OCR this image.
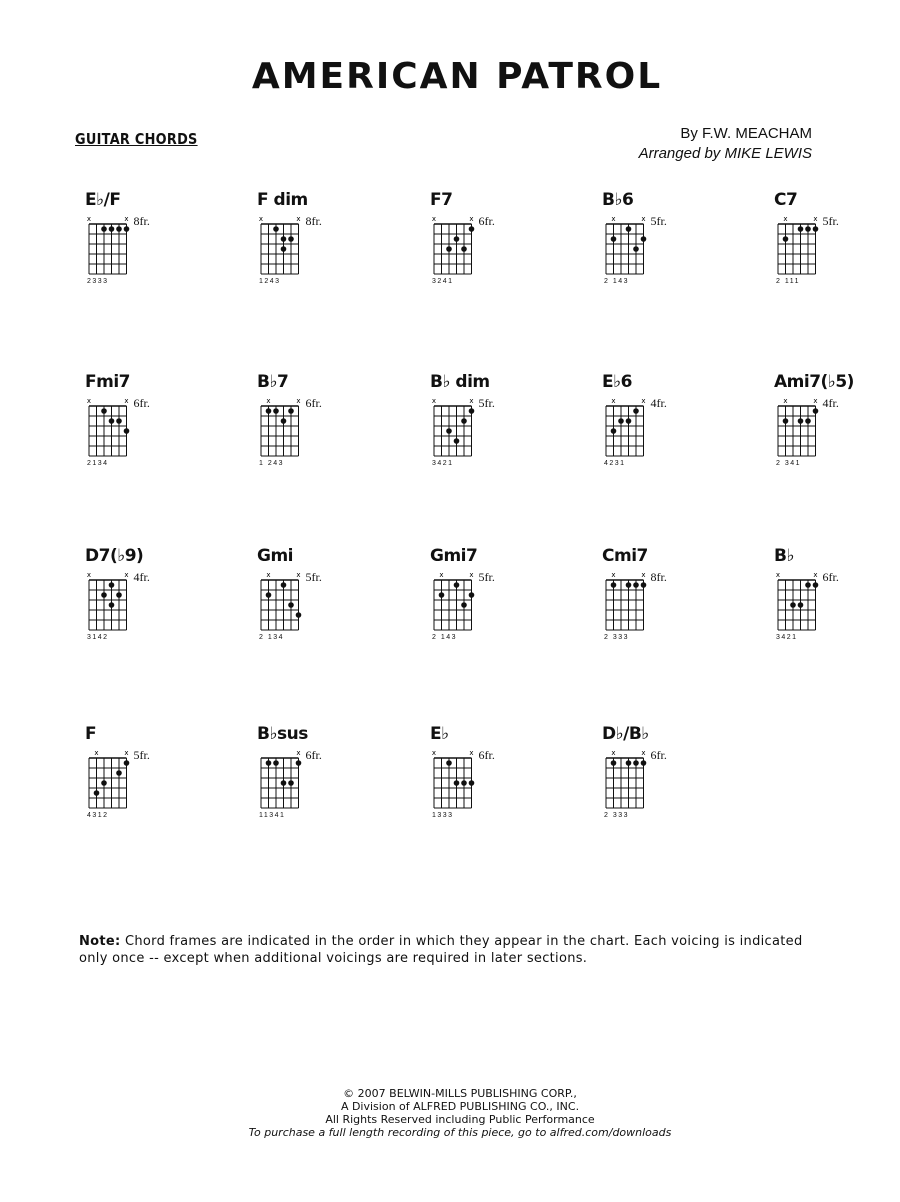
AMERICAN PATROL
GUITAR CHORDS	By F.W. MEACHAM
Arranged by MIKE LEWIS
E♭/F
x	x 8fr.
2333
F dim
x	x 8fr.
1243
F7
x	x 6fr.
3241
B♭6
x	x 5fr.
2 143
C7
x	x 5fr.
2 111
Fmi7
x	x 6fr.
2134
B♭7
x	x 6fr.
1 243
B♭ dim
x	x 5fr.
3421
E♭6
x	x 4fr.
4231
Ami7(♭5)
x	x 4fr.
2 341
D7(♭9)
x	x 4fr.
3142
Gmi
x	x 5fr.
2 134
Gmi7
x	x 5fr.
2 143
Cmi7
x	x 8fr.
2 333
B♭
x	x 6fr.
3421
F
x	x 5fr.
4312
B♭sus
x 6fr.
11341
E♭
x	x 6fr.
1333
D♭/B♭
x	x 6fr.
2 333
Note: Chord frames are indicated in the order in which they appear in the chart. Each voicing is indicated only once -- except when additional voicings are required in later sections.
© 2007 BELWIN-MILLS PUBLISHING CORP.,
A Division of ALFRED PUBLISHING CO., INC.
All Rights Reserved including Public Performance
To purchase a full length recording of this piece, go to alfred.com/downloads
